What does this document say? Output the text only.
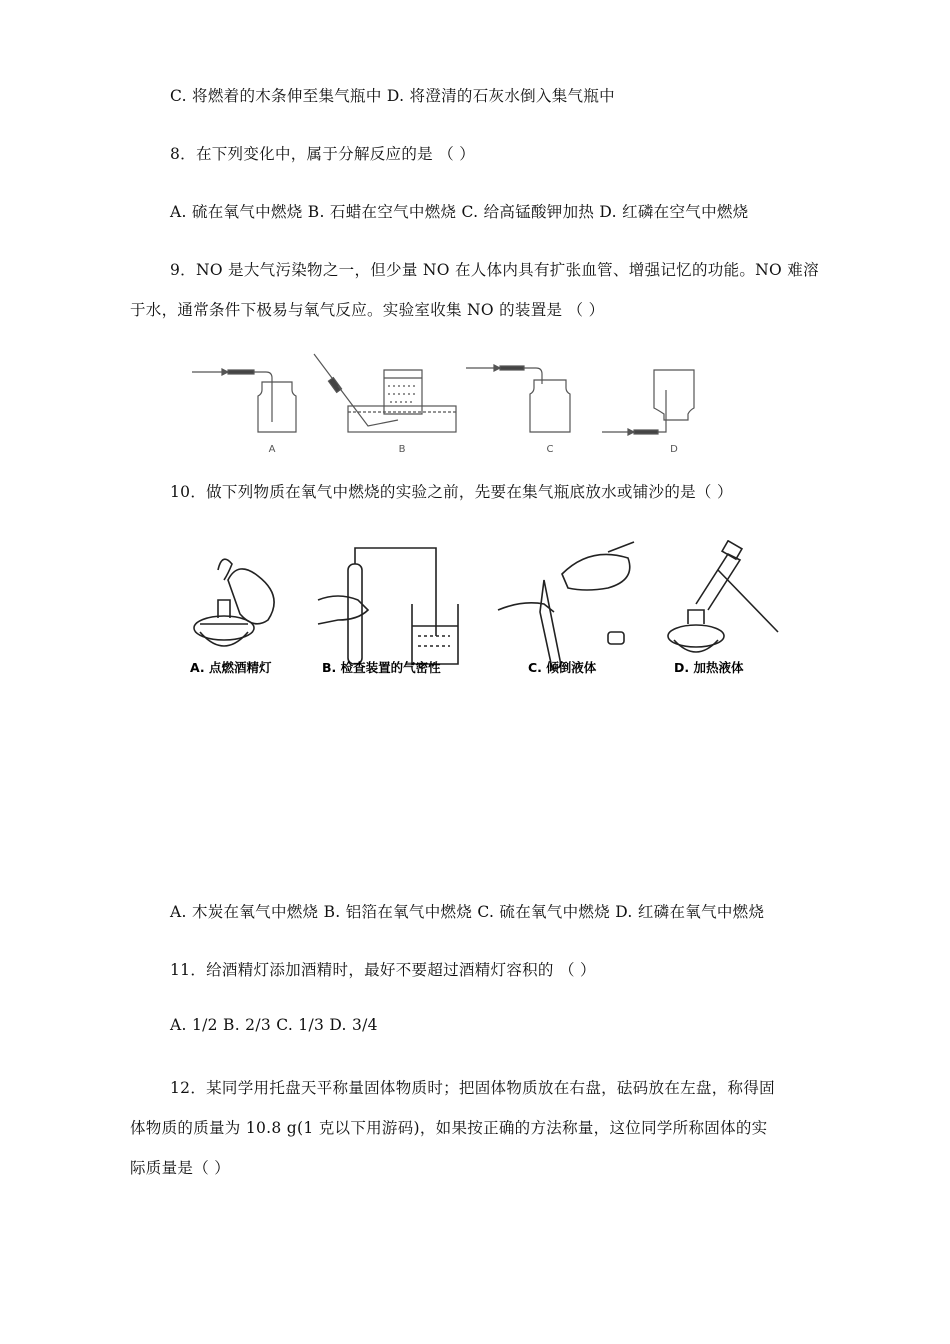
C. 将燃着的木条伸至集气瓶中 D. 将澄清的石灰水倒入集气瓶中
8．在下列变化中，属于分解反应的是 （ ）
A. 硫在氧气中燃烧 B. 石蜡在空气中燃烧 C. 给高锰酸钾加热 D. 红磷在空气中燃烧
9．NO 是大气污染物之一，但少量 NO 在人体内具有扩张血管、增强记忆的功能。NO 难溶
于水，通常条件下极易与氧气反应。实验室收集 NO 的装置是 （ ）
A	B	C	D
10．做下列物质在氧气中燃烧的实验之前，先要在集气瓶底放水或铺沙的是（ ）
A. 点燃酒精灯	B. 检查装置的气密性	C. 倾倒液体	D. 加热液体
A. 木炭在氧气中燃烧 B. 铝箔在氧气中燃烧 C. 硫在氧气中燃烧 D. 红磷在氧气中燃烧
11．给酒精灯添加酒精时，最好不要超过酒精灯容积的 （ ）
A. 1/2 B. 2/3 C. 1/3 D. 3/4
12．某同学用托盘天平称量固体物质时；把固体物质放在右盘，砝码放在左盘，称得固
体物质的质量为 10.8 g(1 克以下用游码)，如果按正确的方法称量，这位同学所称固体的实
际质量是（ ）
